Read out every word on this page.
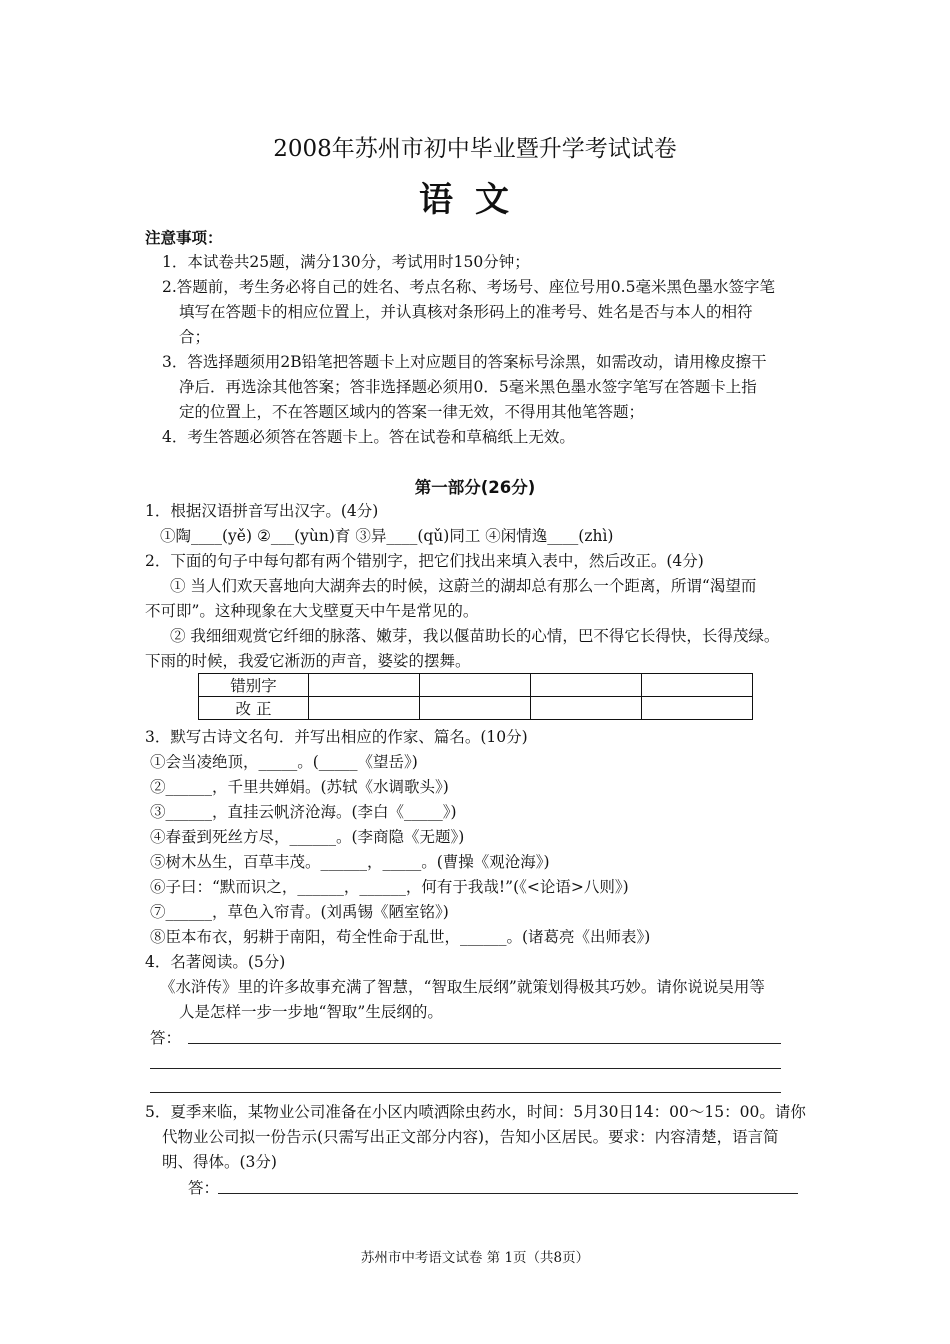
2008年苏州市初中毕业暨升学考试试卷
语文
注意事项：
1．本试卷共25题，满分130分，考试用时150分钟；
2.答题前，考生务必将自己的姓名、考点名称、考场号、座位号用0.5毫米黑色墨水签字笔
填写在答题卡的相应位置上，并认真核对条形码上的准考号、姓名是否与本人的相符
合；
3．答选择题须用2B铅笔把答题卡上对应题目的答案标号涂黑，如需改动，请用橡皮擦干
净后．再选涂其他答案；答非选择题必须用0．5毫米黑色墨水签字笔写在答题卡上指
定的位置上，不在答题区域内的答案一律无效，不得用其他笔答题；
4．考生答题必须答在答题卡上。答在试卷和草稿纸上无效。
第一部分(26分)
1．根据汉语拼音写出汉字。(4分)
①陶____(yě) ②___(yùn)育 ③异____(qǔ)同工 ④闲情逸____(zhì)
2．下面的句子中每句都有两个错别字，把它们找出来填入表中，然后改正。(4分)
① 当人们欢天喜地向大湖奔去的时候，这蔚兰的湖却总有那么一个距离，所谓“渴望而
不可即”。这种现象在大戈壁夏天中午是常见的。
② 我细细观赏它纤细的脉落、嫩芽，我以偃苗助长的心情，巴不得它长得快，长得茂绿。
下雨的时候，我爱它淅沥的声音，婆娑的摆舞。
错别字				
改 正				
3．默写古诗文名句．并写出相应的作家、篇名。(10分)
①会当凌绝顶，_____。(_____《望岳》)
②______，千里共婵娟。(苏轼《水调歌头》)
③______，直挂云帆济沧海。(李白《_____》)
④春蚕到死丝方尽，______。(李商隐《无题》)
⑤树木丛生，百草丰茂。______，_____。(曹操《观沧海》)
⑥子曰：“默而识之，______，______，何有于我哉!”(《<论语>八则》)
⑦______，草色入帘青。(刘禹锡《陋室铭》)
⑧臣本布衣，躬耕于南阳，苟全性命于乱世，______。(诸葛亮《出师表》)
4．名著阅读。(5分)
《水浒传》里的许多故事充满了智慧，“智取生辰纲”就策划得极其巧妙。请你说说吴用等
人是怎样一步一步地“智取”生辰纲的。
答：
5．夏季来临，某物业公司准备在小区内喷洒除虫药水，时间：5月30日14：00～15：00。请你
代物业公司拟一份告示(只需写出正文部分内容)，告知小区居民。要求：内容清楚，语言简
明、得体。(3分)
答：
苏州市中考语文试卷 第 1页（共8页）
